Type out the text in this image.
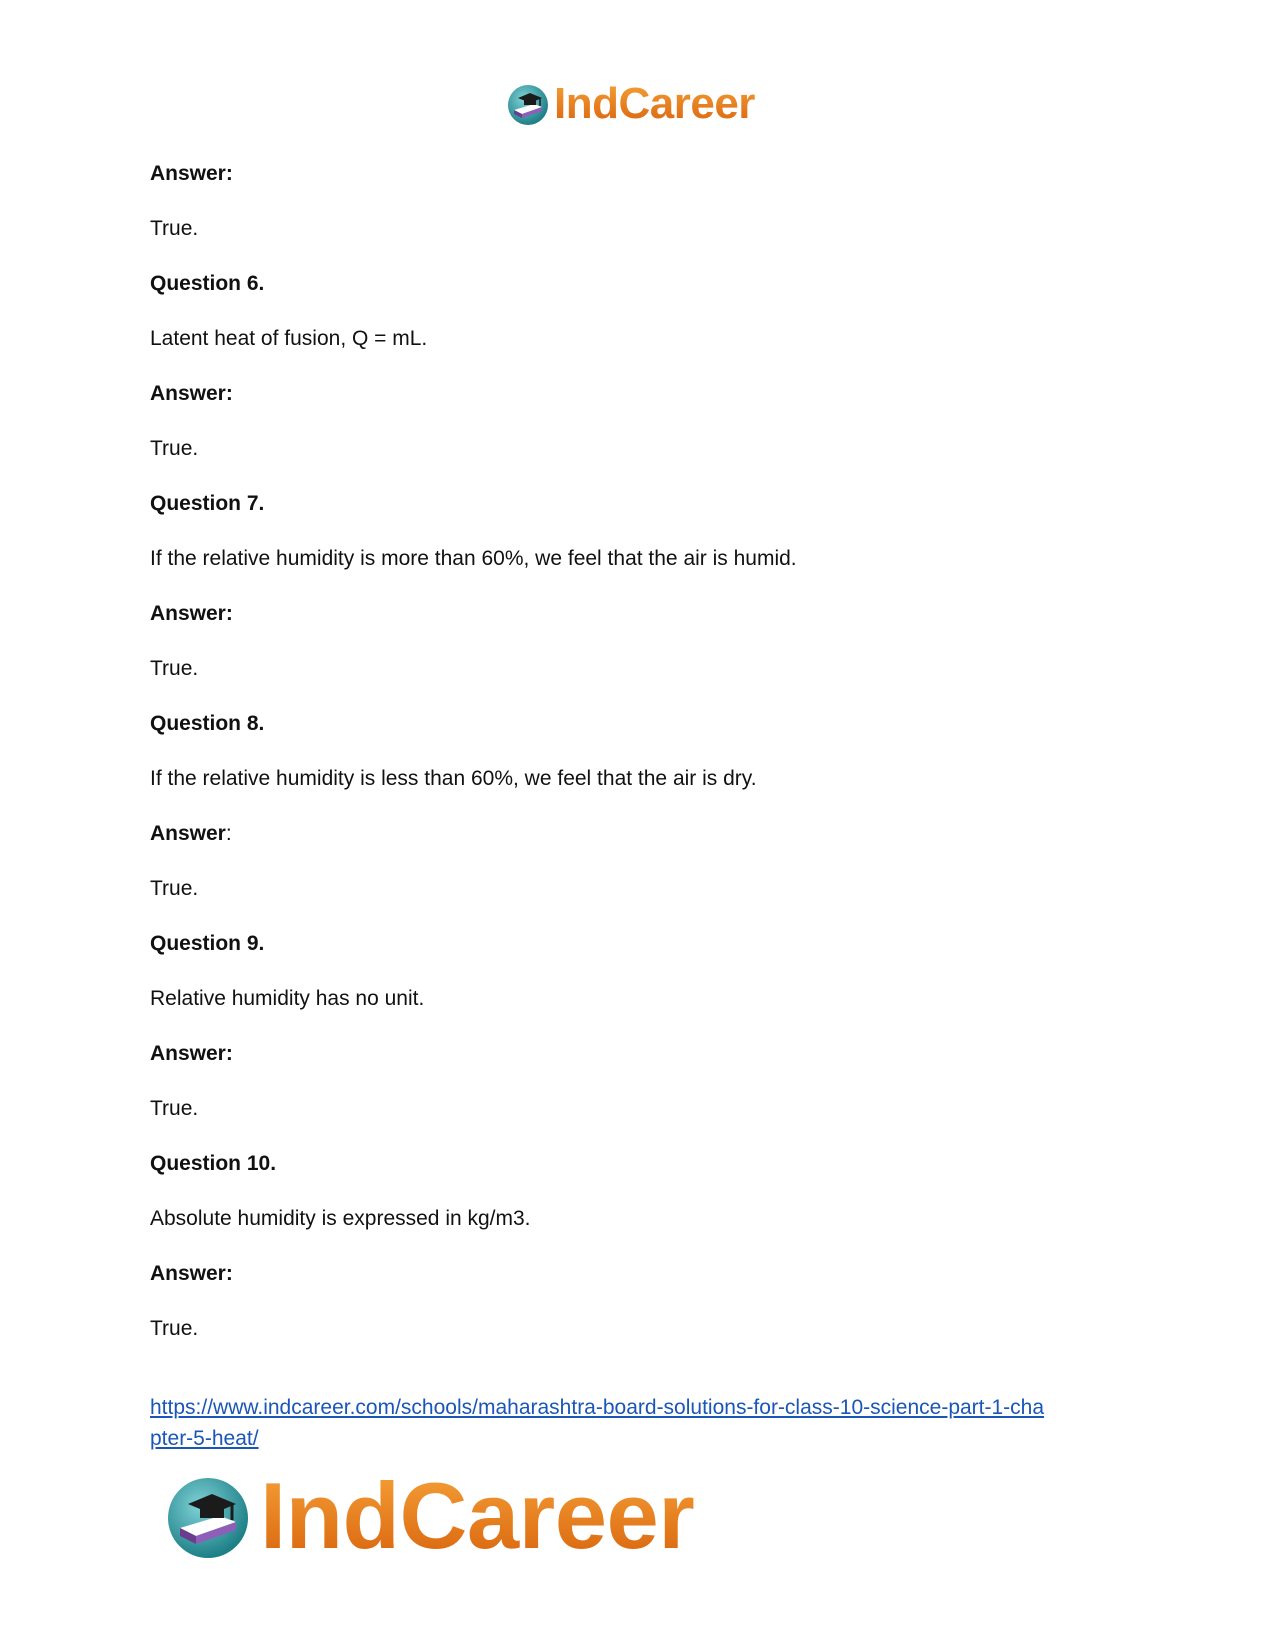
IndCareer
Answer:
True.
Question 6.
Latent heat of fusion, Q = mL.
Answer:
True.
Question 7.
If the relative humidity is more than 60%, we feel that the air is humid.
Answer:
True.
Question 8.
If the relative humidity is less than 60%, we feel that the air is dry.
Answer :
True.
Question 9.
Relative humidity has no unit.
Answer:
True.
Question 10.
Absolute humidity is expressed in kg/m3.
Answer:
True.
https://www.indcareer.com/schools/maharashtra-board-solutions-for-class-10-science-part-1-cha
pter-5-heat/
IndCareer
